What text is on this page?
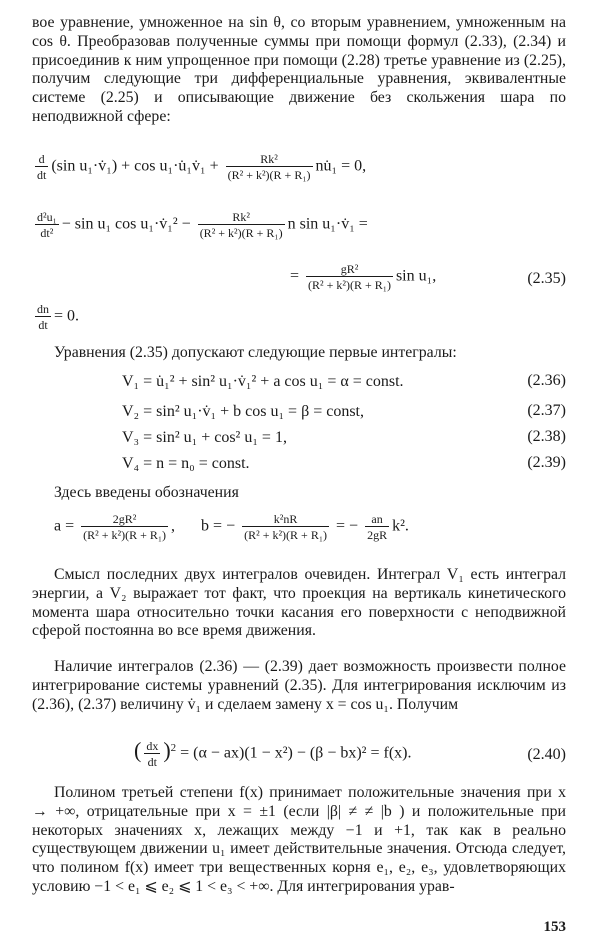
вое уравнение, умноженное на sin θ, со вторым уравнением, умноженным на cos θ. Преобразовав полученные суммы при помощи формул (2.33), (2.34) и присоединив к ним упрощенное при помощи (2.28) третье уравнение из (2.25), получим следующие три дифференциальные уравнения, эквивалентные системе (2.25) и описывающие движение без скольжения шара по неподвижной сфере:

$\frac{d}{dt} (\sin$ u₁·v̇₁) + cos u₁·u̇₁v̇₁ + $\frac{\text{Rk²}}{\text{(R² + k²)(R + R₁)}}$ nu̇₁ = 0,
$\frac{\text{d²u₁}}{\text{dt²}} - \sin u_1$ cos u₁·v̇₁² − $\frac{\text{Rk²}}{\text{(R² + k²)(R + R₁)}}$ n sin u₁·v̇₁ =
= $\frac{\text{gR²}}{\text{(R² + k²)(R + R₁)}}$ sin u₁,	(2.35)
$\frac{dn}{dt} = 0$.

Уравнения (2.35) допускают следующие первые интегралы:

V₁ = u̇₁² + sin² u₁·v̇₁² + a cos u₁ = α = const.	(2.36)
V₂ = sin² u₁·v̇₁ + b cos u₁ = β = const,	(2.37)
V₃ = sin² u₁ + cos² u₁ = 1,	(2.38)
V₄ = n = n₀ = const.	(2.39)

Здесь введены обозначения

$a = \frac{\text{2gR²}}{\text{(R² + k²)(R + R₁)}}$ , b = − $\frac{\text{k²nR}}{\text{(R² + k²)(R + R₁)}}$ = − $\frac{an}{2gR} k^2$.

Смысл последних двух интегралов очевиден. Интеграл V₁ есть интеграл энергии, а V₂ выражает тот факт, что проекция на вертикаль кинетического момента шара относительно точки касания его поверхности с неподвижной сферой постоянна во все время движения.

Наличие интегралов (2.36) — (2.39) дает возможность произвести полное интегрирование системы уравнений (2.35). Для интегрирования исключим из (2.36), (2.37) величину v̇₁ и сделаем замену x = cos u₁. Получим

( $\frac{dx}{dt} )^2 = (\alpha - ax)(1 - x^2) - (\beta - bx)^2 = f(x)$.	(2.40)

Полином третьей степени f(x) принимает положительные значения при x → +∞, отрицательные при x = ±1 (если |β| ≠ ≠ |b ) и положительные при некоторых значениях x, лежащих между −1 и +1, так как в реально существующем движении u₁ имеет действительные значения. Отсюда следует, что полином f(x) имеет три вещественных корня e₁, e₂, e₃, удовлетворяющих условию −1 < e₁ ⩽ e₂ ⩽ 1 < e₃ < +∞. Для интегрирования урав-

153
